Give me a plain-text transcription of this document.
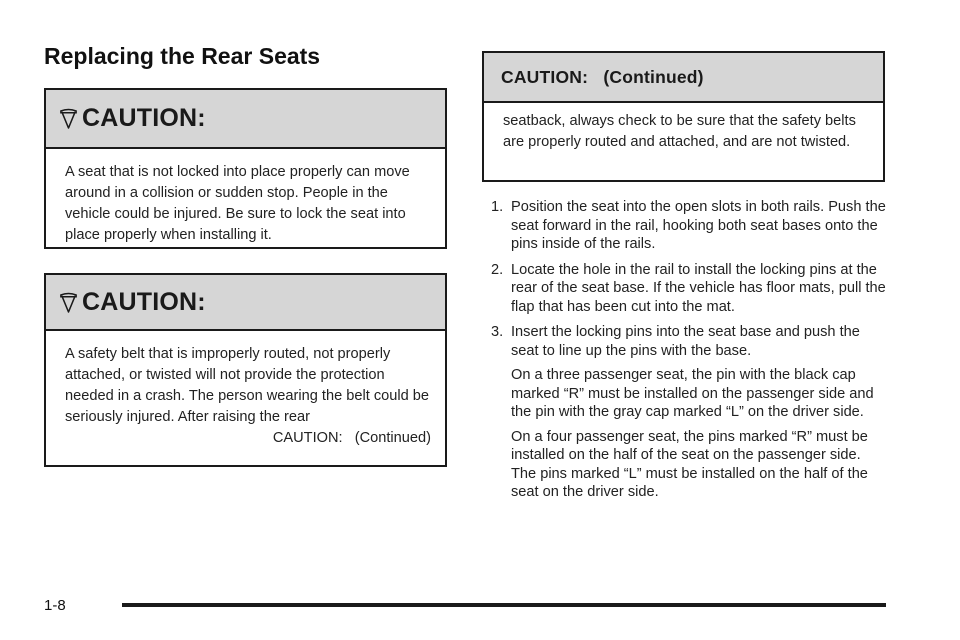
Replacing the Rear Seats
CAUTION:

A seat that is not locked into place properly can move around in a collision or sudden stop. People in the vehicle could be injured. Be sure to lock the seat into place properly when installing it.

CAUTION:

A safety belt that is improperly routed, not properly attached, or twisted will not provide the protection needed in a crash. The person wearing the belt could be seriously injured. After raising the rear

CAUTION:   (Continued)

CAUTION:   (Continued)

seatback, always check to be sure that the safety belts are properly routed and attached, and are not twisted.

1. Position the seat into the open slots in both rails. Push the seat forward in the rail, hooking both seat bases onto the pins inside of the rails.

2. Locate the hole in the rail to install the locking pins at the rear of the seat base. If the vehicle has floor mats, pull the flap that has been cut into the mat.

3. Insert the locking pins into the seat base and push the seat to line up the pins with the base.

On a three passenger seat, the pin with the black cap marked “R” must be installed on the passenger side and the pin with the gray cap marked “L” on the driver side.

On a four passenger seat, the pins marked “R” must be installed on the half of the seat on the passenger side. The pins marked “L” must be installed on the half of the seat on the driver side.

1-8
